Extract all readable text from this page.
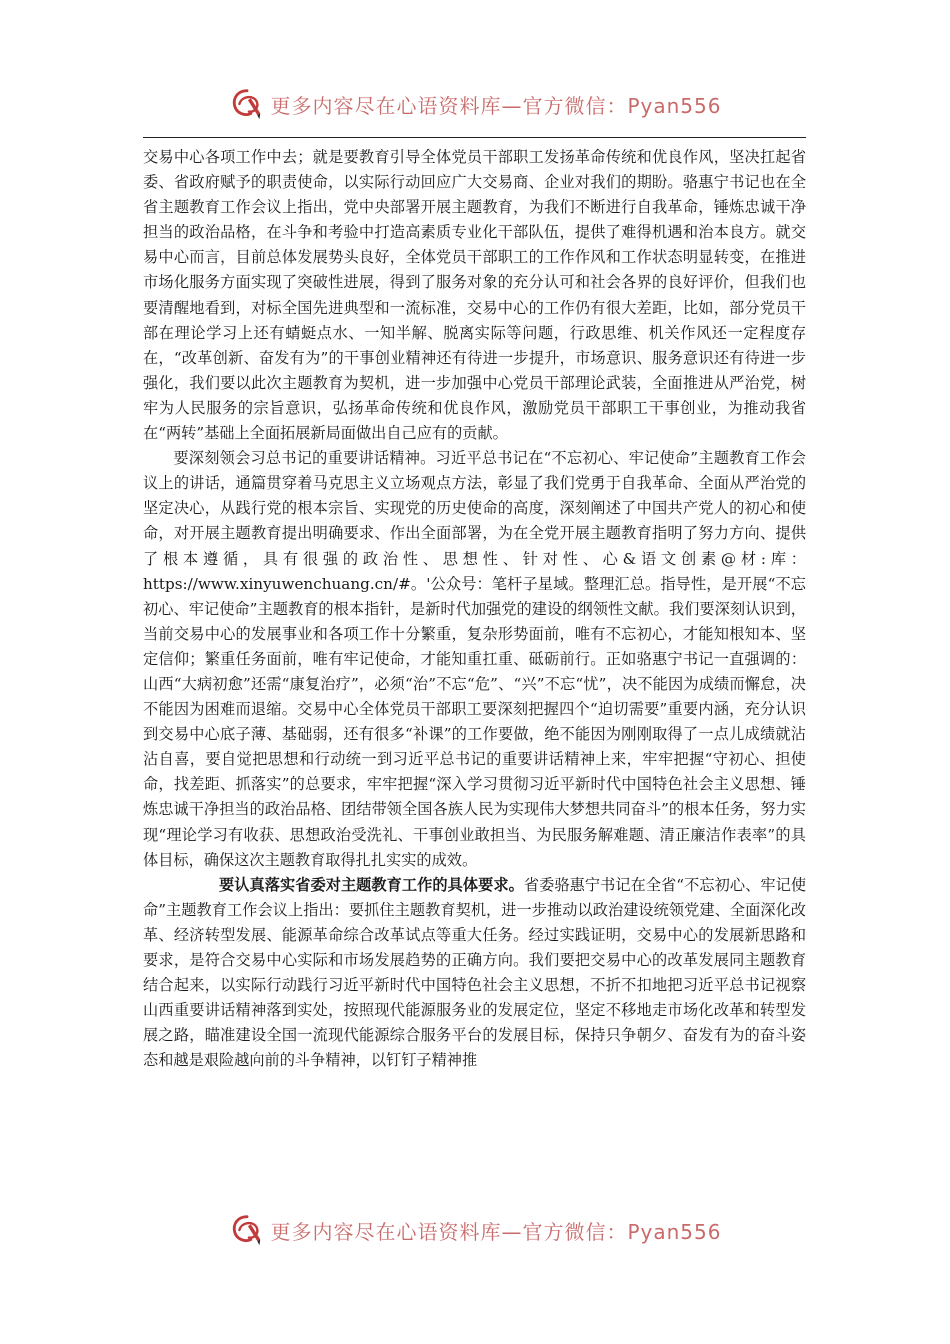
更多内容尽在心语资料库—官方微信：Pyan556

交易中心各项工作中去；就是要教育引导全体党员干部职工发扬革命传统和优良作风，坚决扛起省委、省政府赋予的职责使命，以实际行动回应广大交易商、企业对我们的期盼。骆惠宁书记也在全省主题教育工作会议上指出，党中央部署开展主题教育，为我们不断进行自我革命，锤炼忠诚干净担当的政治品格，在斗争和考验中打造高素质专业化干部队伍，提供了难得机遇和治本良方。就交易中心而言，目前总体发展势头良好，全体党员干部职工的工作作风和工作状态明显转变，在推进市场化服务方面实现了突破性进展，得到了服务对象的充分认可和社会各界的良好评价，但我们也要清醒地看到，对标全国先进典型和一流标准，交易中心的工作仍有很大差距，比如，部分党员干部在理论学习上还有蜻蜓点水、一知半解、脱离实际等问题，行政思维、机关作风还一定程度存在，“改革创新、奋发有为”的干事创业精神还有待进一步提升，市场意识、服务意识还有待进一步强化，我们要以此次主题教育为契机，进一步加强中心党员干部理论武装，全面推进从严治党，树牢为人民服务的宗旨意识，弘扬革命传统和优良作风，激励党员干部职工干事创业，为推动我省在“两转”基础上全面拓展新局面做出自己应有的贡献。

要深刻领会习总书记的重要讲话精神。习近平总书记在“不忘初心、牢记使命”主题教育工作会议上的讲话，通篇贯穿着马克思主义立场观点方法，彰显了我们党勇于自我革命、全面从严治党的坚定决心，从践行党的根本宗旨、实现党的历史使命的高度，深刻阐述了中国共产党人的初心和使命，对开展主题教育提出明确要求、作出全面部署，为在全党开展主题教育指明了努力方向、提供了根本遵循，具有很强的政治性、思想性、针对性、心&语文创素@材:库：https://www.xinyuwenchuang.cn/#。'公众号：笔杆子星域。整理汇总。指导性，是开展“不忘初心、牢记使命”主题教育的根本指针，是新时代加强党的建设的纲领性文献。我们要深刻认识到，当前交易中心的发展事业和各项工作十分繁重，复杂形势面前，唯有不忘初心，才能知根知本、坚定信仰；繁重任务面前，唯有牢记使命，才能知重扛重、砥砺前行。正如骆惠宁书记一直强调的：山西“大病初愈”还需“康复治疗”，必须“治”不忘“危”、“兴”不忘“忧”，决不能因为成绩而懈怠，决不能因为困难而退缩。交易中心全体党员干部职工要深刻把握四个“迫切需要”重要内涵，充分认识到交易中心底子薄、基础弱，还有很多“补课”的工作要做，绝不能因为刚刚取得了一点儿成绩就沾沾自喜，要自觉把思想和行动统一到习近平总书记的重要讲话精神上来，牢牢把握“守初心、担使命，找差距、抓落实”的总要求，牢牢把握“深入学习贯彻习近平新时代中国特色社会主义思想、锤炼忠诚干净担当的政治品格、团结带领全国各族人民为实现伟大梦想共同奋斗”的根本任务，努力实现“理论学习有收获、思想政治受洗礼、干事创业敢担当、为民服务解难题、清正廉洁作表率”的具体目标，确保这次主题教育取得扎扎实实的成效。

要认真落实省委对主题教育工作的具体要求。省委骆惠宁书记在全省“不忘初心、牢记使命”主题教育工作会议上指出：要抓住主题教育契机，进一步推动以政治建设统领党建、全面深化改革、经济转型发展、能源革命综合改革试点等重大任务。经过实践证明，交易中心的发展新思路和要求，是符合交易中心实际和市场发展趋势的正确方向。我们要把交易中心的改革发展同主题教育结合起来，以实际行动践行习近平新时代中国特色社会主义思想，不折不扣地把习近平总书记视察山西重要讲话精神落到实处，按照现代能源服务业的发展定位，坚定不移地走市场化改革和转型发展之路，瞄准建设全国一流现代能源综合服务平台的发展目标，保持只争朝夕、奋发有为的奋斗姿态和越是艰险越向前的斗争精神，以钉钉子精神推

更多内容尽在心语资料库—官方微信：Pyan556
